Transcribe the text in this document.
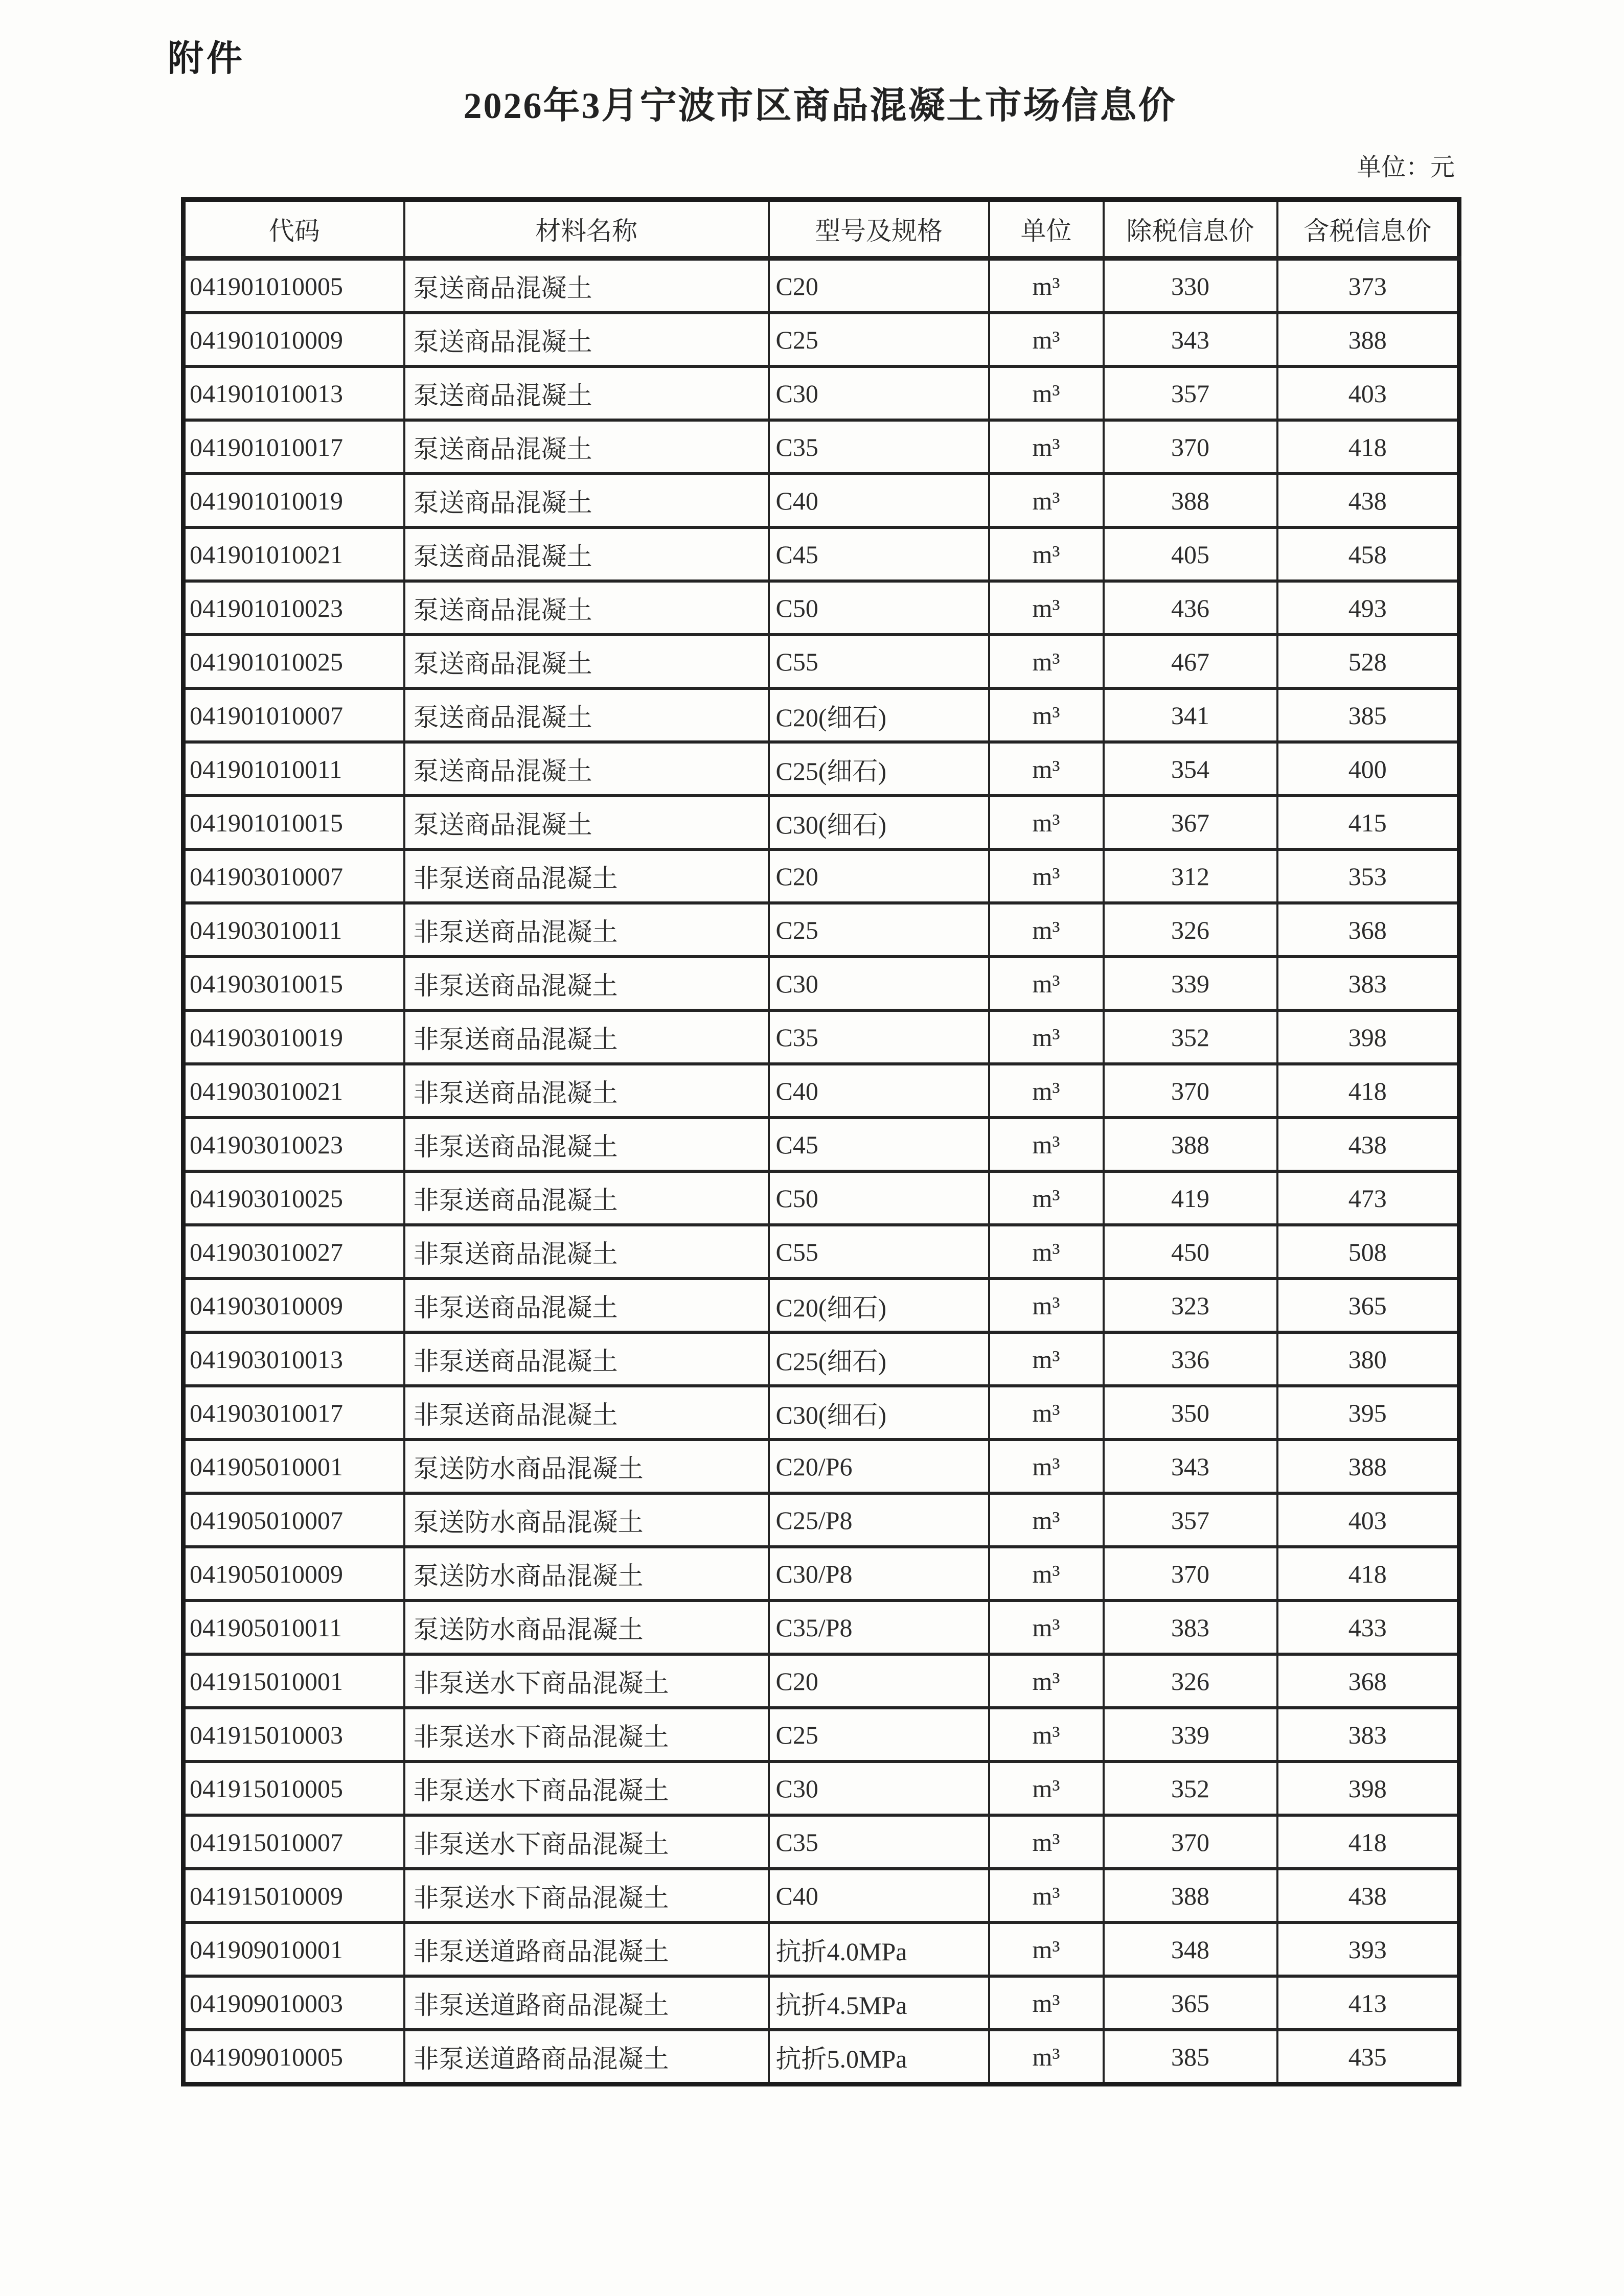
附件
2026年3月宁波市区商品混凝土市场信息价
单位：元
代码	材料名称	型号及规格	单位	除税信息价	含税信息价
041901010005	泵送商品混凝土	C20	m³	330	373
041901010009	泵送商品混凝土	C25	m³	343	388
041901010013	泵送商品混凝土	C30	m³	357	403
041901010017	泵送商品混凝土	C35	m³	370	418
041901010019	泵送商品混凝土	C40	m³	388	438
041901010021	泵送商品混凝土	C45	m³	405	458
041901010023	泵送商品混凝土	C50	m³	436	493
041901010025	泵送商品混凝土	C55	m³	467	528
041901010007	泵送商品混凝土	C20(细石)	m³	341	385
041901010011	泵送商品混凝土	C25(细石)	m³	354	400
041901010015	泵送商品混凝土	C30(细石)	m³	367	415
041903010007	非泵送商品混凝土	C20	m³	312	353
041903010011	非泵送商品混凝土	C25	m³	326	368
041903010015	非泵送商品混凝土	C30	m³	339	383
041903010019	非泵送商品混凝土	C35	m³	352	398
041903010021	非泵送商品混凝土	C40	m³	370	418
041903010023	非泵送商品混凝土	C45	m³	388	438
041903010025	非泵送商品混凝土	C50	m³	419	473
041903010027	非泵送商品混凝土	C55	m³	450	508
041903010009	非泵送商品混凝土	C20(细石)	m³	323	365
041903010013	非泵送商品混凝土	C25(细石)	m³	336	380
041903010017	非泵送商品混凝土	C30(细石)	m³	350	395
041905010001	泵送防水商品混凝土	C20/P6	m³	343	388
041905010007	泵送防水商品混凝土	C25/P8	m³	357	403
041905010009	泵送防水商品混凝土	C30/P8	m³	370	418
041905010011	泵送防水商品混凝土	C35/P8	m³	383	433
041915010001	非泵送水下商品混凝土	C20	m³	326	368
041915010003	非泵送水下商品混凝土	C25	m³	339	383
041915010005	非泵送水下商品混凝土	C30	m³	352	398
041915010007	非泵送水下商品混凝土	C35	m³	370	418
041915010009	非泵送水下商品混凝土	C40	m³	388	438
041909010001	非泵送道路商品混凝土	抗折4.0MPa	m³	348	393
041909010003	非泵送道路商品混凝土	抗折4.5MPa	m³	365	413
041909010005	非泵送道路商品混凝土	抗折5.0MPa	m³	385	435
